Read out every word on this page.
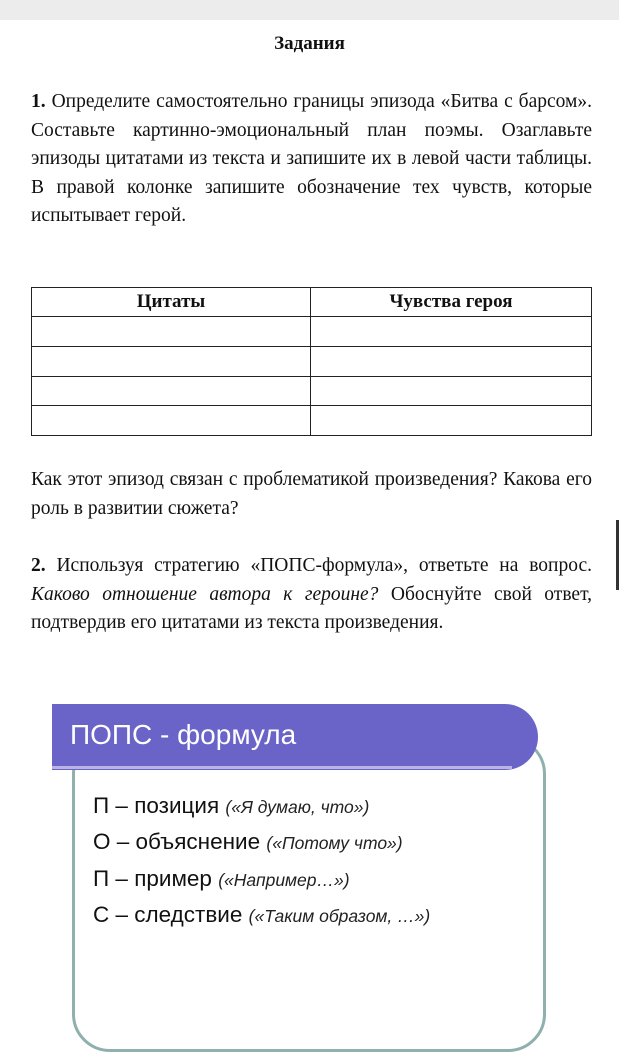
Задания
1. Определите самостоятельно границы эпизода «Битва с барсом». Составьте картинно-эмоциональный план поэмы. Озаглавьте эпизоды цитатами из текста и запишите их в левой части таблицы. В правой колонке запишите обозначение тех чувств, которые испытывает герой.
Цитаты	Чувства героя

Как этот эпизод связан с проблематикой произведения? Какова его роль в развитии сюжета?
2. Используя стратегию «ПОПС-формула», ответьте на вопрос. Каково отношение автора к героине? Обоснуйте свой ответ, подтвердив его цитатами из текста произведения.
ПОПС - формула
П – позиция («Я думаю, что»)
О – объяснение («Потому что»)
П – пример («Например…»)
С – следствие («Таким образом, …»)
